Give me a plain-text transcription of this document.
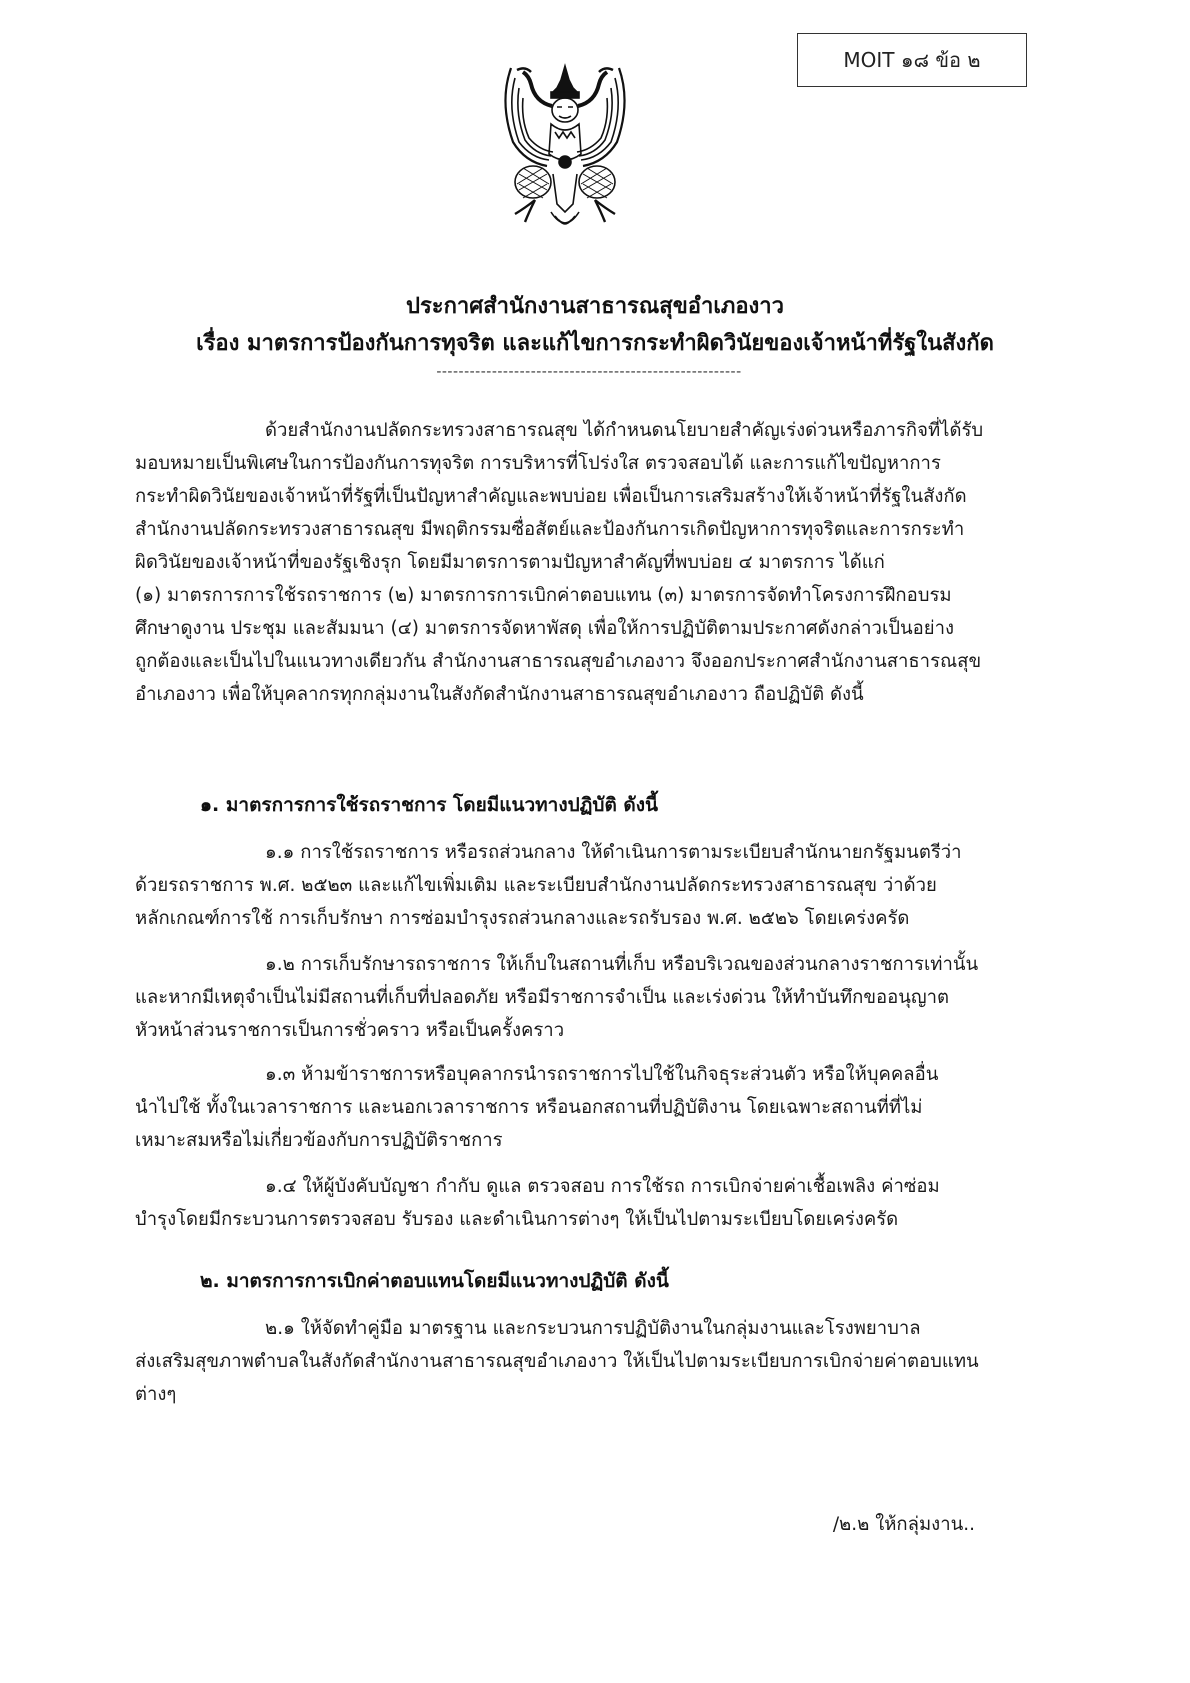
MOIT ๑๘ ข้อ ๒
ประกาศสำนักงานสาธารณสุขอำเภองาว
เรื่อง มาตรการป้องกันการทุจริต และแก้ไขการกระทำผิดวินัยของเจ้าหน้าที่รัฐในสังกัด
-------------------------------------------------------
ด้วยสำนักงานปลัดกระทรวงสาธารณสุข ได้กำหนดนโยบายสำคัญเร่งด่วนหรือภารกิจที่ได้รับ
มอบหมายเป็นพิเศษในการป้องกันการทุจริต การบริหารที่โปร่งใส ตรวจสอบได้ และการแก้ไขปัญหาการ
กระทำผิดวินัยของเจ้าหน้าที่รัฐที่เป็นปัญหาสำคัญและพบบ่อย เพื่อเป็นการเสริมสร้างให้เจ้าหน้าที่รัฐในสังกัด
สำนักงานปลัดกระทรวงสาธารณสุข มีพฤติกรรมซื่อสัตย์และป้องกันการเกิดปัญหาการทุจริตและการกระทำ
ผิดวินัยของเจ้าหน้าที่ของรัฐเชิงรุก โดยมีมาตรการตามปัญหาสำคัญที่พบบ่อย ๔ มาตรการ ได้แก่
(๑) มาตรการการใช้รถราชการ (๒) มาตรการการเบิกค่าตอบแทน (๓) มาตรการจัดทำโครงการฝึกอบรม
ศึกษาดูงาน ประชุม และสัมมนา (๔) มาตรการจัดหาพัสดุ เพื่อให้การปฏิบัติตามประกาศดังกล่าวเป็นอย่าง
ถูกต้องและเป็นไปในแนวทางเดียวกัน สำนักงานสาธารณสุขอำเภองาว จึงออกประกาศสำนักงานสาธารณสุข
อำเภองาว เพื่อให้บุคลากรทุกกลุ่มงานในสังกัดสำนักงานสาธารณสุขอำเภองาว ถือปฏิบัติ ดังนี้
๑. มาตรการการใช้รถราชการ โดยมีแนวทางปฏิบัติ ดังนี้
๑.๑ การใช้รถราชการ หรือรถส่วนกลาง ให้ดำเนินการตามระเบียบสำนักนายกรัฐมนตรีว่า
ด้วยรถราชการ พ.ศ. ๒๕๒๓ และแก้ไขเพิ่มเติม และระเบียบสำนักงานปลัดกระทรวงสาธารณสุข ว่าด้วย
หลักเกณฑ์การใช้ การเก็บรักษา การซ่อมบำรุงรถส่วนกลางและรถรับรอง พ.ศ. ๒๕๒๖ โดยเคร่งครัด
๑.๒ การเก็บรักษารถราชการ ให้เก็บในสถานที่เก็บ หรือบริเวณของส่วนกลางราชการเท่านั้น
และหากมีเหตุจำเป็นไม่มีสถานที่เก็บที่ปลอดภัย หรือมีราชการจำเป็น และเร่งด่วน ให้ทำบันทึกขออนุญาต
หัวหน้าส่วนราชการเป็นการชั่วคราว หรือเป็นครั้งคราว
๑.๓ ห้ามข้าราชการหรือบุคลากรนำรถราชการไปใช้ในกิจธุระส่วนตัว หรือให้บุคคลอื่น
นำไปใช้ ทั้งในเวลาราชการ และนอกเวลาราชการ หรือนอกสถานที่ปฏิบัติงาน โดยเฉพาะสถานที่ที่ไม่
เหมาะสมหรือไม่เกี่ยวข้องกับการปฏิบัติราชการ
๑.๔ ให้ผู้บังคับบัญชา กำกับ ดูแล ตรวจสอบ การใช้รถ การเบิกจ่ายค่าเชื้อเพลิง ค่าซ่อม
บำรุงโดยมีกระบวนการตรวจสอบ รับรอง และดำเนินการต่างๆ ให้เป็นไปตามระเบียบโดยเคร่งครัด
๒. มาตรการการเบิกค่าตอบแทนโดยมีแนวทางปฏิบัติ ดังนี้
๒.๑ ให้จัดทำคู่มือ มาตรฐาน และกระบวนการปฏิบัติงานในกลุ่มงานและโรงพยาบาล
ส่งเสริมสุขภาพตำบลในสังกัดสำนักงานสาธารณสุขอำเภองาว ให้เป็นไปตามระเบียบการเบิกจ่ายค่าตอบแทน
ต่างๆ
/๒.๒ ให้กลุ่มงาน..
